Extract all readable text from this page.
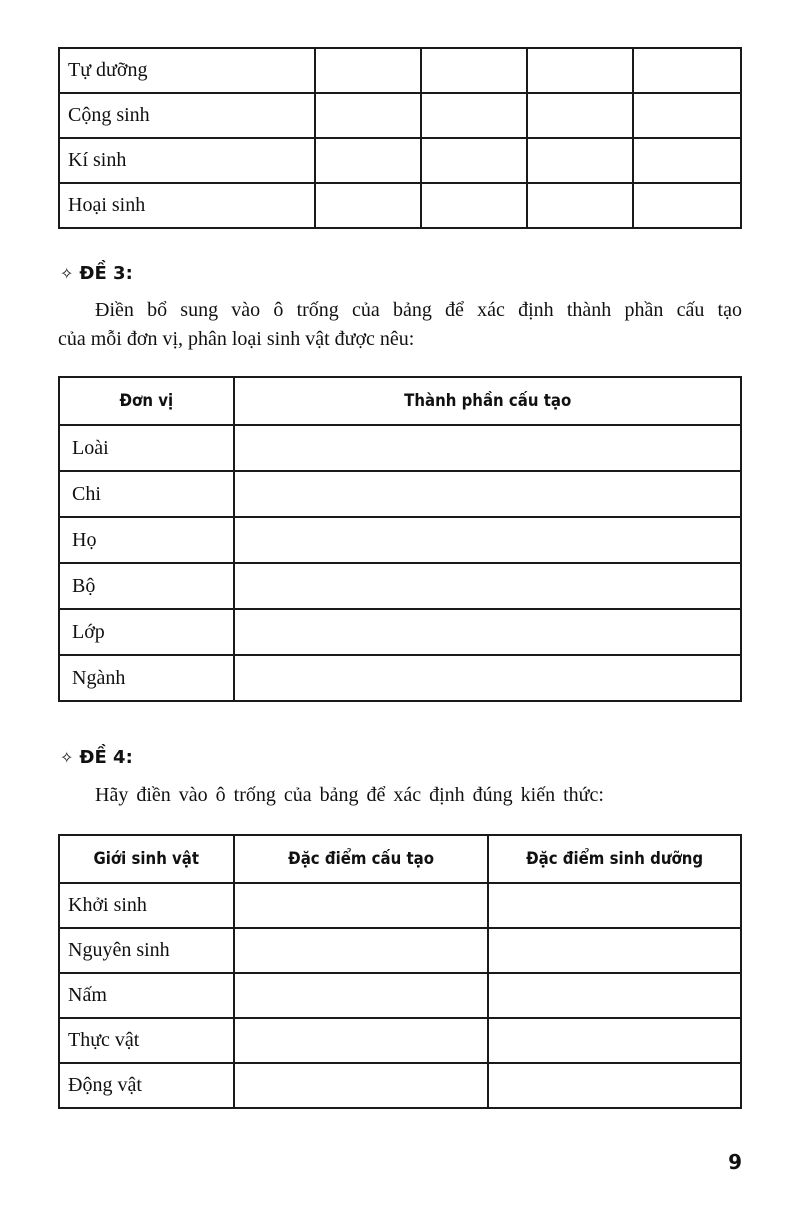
Tự dưỡng				
Cộng sinh				
Kí sinh				
Hoại sinh				
✧ ĐỀ 3:
Điền bổ sung vào ô trống của bảng để xác định thành phần cấu tạo
của mỗi đơn vị, phân loại sinh vật được nêu:
Đơn vị	Thành phần cấu tạo
Loài	
Chi	
Họ	
Bộ	
Lớp	
Ngành	
✧ ĐỀ 4:
Hãy điền vào ô trống của bảng để xác định đúng kiến thức:
Giới sinh vật	Đặc điểm cấu tạo	Đặc điểm sinh dưỡng
Khởi sinh		
Nguyên sinh		
Nấm		
Thực vật		
Động vật		
9
